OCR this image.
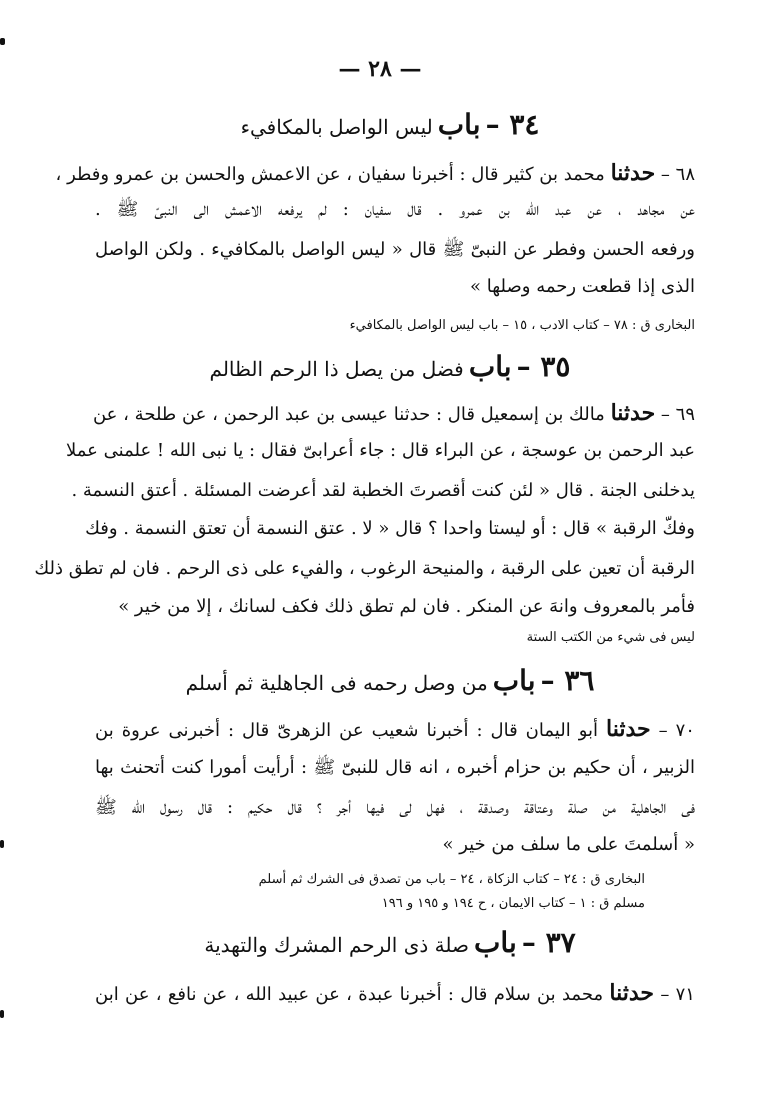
— ٢٨ —
٣٤ – باب ليس الواصل بالمكافيء
٦٨ – حدثنا محمد بن كثير قال : أخبرنا سفيان ، عن الاعمش والحسن بن عمرو وفطر ،
عن مجاهد ، عن عبد الله بن عمرو . قال سفيان : لم يرفعه الاعمش الى النبىّ ﷺ .
ورفعه الحسن وفطر عن النبىّ ﷺ قال « ليس الواصل بالمكافيء . ولكن الواصل
الذى إذا قطعت رحمه وصلها »
البخارى ق : ٧٨ – كتاب الادب ، ١٥ – باب ليس الواصل بالمكافيء
٣٥ – باب فضل من يصل ذا الرحم الظالم
٦٩ – حدثنا مالك بن إسمعيل قال : حدثنا عيسى بن عبد الرحمن ، عن طلحة ، عن
عبد الرحمن بن عوسجة ، عن البراء قال : جاء أعرابىّ فقال : يا نبى الله ! علمنى عملا
يدخلنى الجنة . قال « لئن كنت أقصرتَ الخطبة لقد أعرضت المسئلة . أعتق النسمة .
وفكّ الرقبة » قال : أو ليستا واحدا ؟ قال « لا . عتق النسمة أن تعتق النسمة . وفك
الرقبة أن تعين على الرقبة ، والمنيحة الرغوب ، والفيء على ذى الرحم . فان لم تطق ذلك
فأمر بالمعروف وانهَ عن المنكر . فان لم تطق ذلك فكف لسانك ، إلا من خير »
ليس فى شيء من الكتب الستة
٣٦ – باب من وصل رحمه فى الجاهلية ثم أسلم
٧٠ – حدثنا أبو اليمان قال : أخبرنا شعيب عن الزهرىّ قال : أخبرنى عروة بن
الزبير ، أن حكيم بن حزام أخبره ، انه قال للنبىّ ﷺ : أرأيت أمورا كنت أتحنث بها
فى الجاهلية من صلة وعتاقة وصدقة ، فهل لى فيها أجر ؟ قال حكيم : قال رسول الله ﷺ
« أسلمتَ على ما سلف من خير »
البخارى ق : ٢٤ – كتاب الزكاة ، ٢٤ – باب من تصدق فى الشرك ثم أسلم
مسلم ق : ١ – كتاب الايمان ، ح ١٩٤ و ١٩٥ و ١٩٦
٣٧ – باب صلة ذى الرحم المشرك والتهدية
٧١ – حدثنا محمد بن سلام قال : أخبرنا عبدة ، عن عبيد الله ، عن نافع ، عن ابن
